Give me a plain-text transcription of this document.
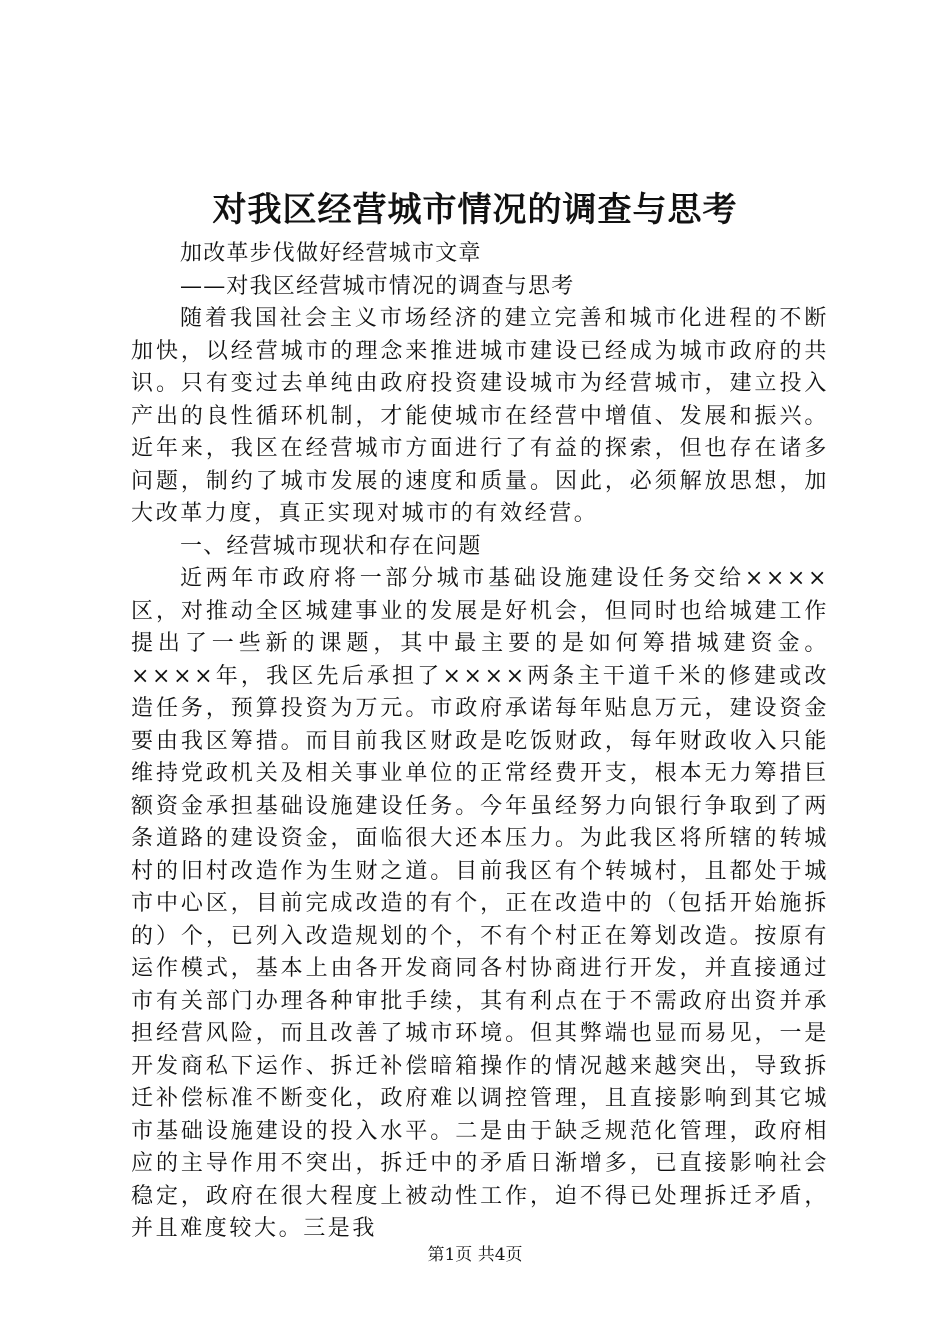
对我区经营城市情况的调查与思考

加改革步伐做好经营城市文章

——对我区经营城市情况的调查与思考

随着我国社会主义市场经济的建立完善和城市化进程的不断加快，以经营城市的理念来推进城市建设已经成为城市政府的共识。只有变过去单纯由政府投资建设城市为经营城市，建立投入产出的良性循环机制，才能使城市在经营中增值、发展和振兴。近年来，我区在经营城市方面进行了有益的探索，但也存在诸多问题，制约了城市发展的速度和质量。因此，必须解放思想，加大改革力度，真正实现对城市的有效经营。

一、经营城市现状和存在问题

近两年市政府将一部分城市基础设施建设任务交给××××区，对推动全区城建事业的发展是好机会，但同时也给城建工作提出了一些新的课题，其中最主要的是如何筹措城建资金。××××年，我区先后承担了××××两条主干道千米的修建或改造任务，预算投资为万元。市政府承诺每年贴息万元，建设资金要由我区筹措。而目前我区财政是吃饭财政，每年财政收入只能维持党政机关及相关事业单位的正常经费开支，根本无力筹措巨额资金承担基础设施建设任务。今年虽经努力向银行争取到了两条道路的建设资金，面临很大还本压力。为此我区将所辖的转城村的旧村改造作为生财之道。目前我区有个转城村，且都处于城市中心区，目前完成改造的有个，正在改造中的（包括开始施拆的）个，已列入改造规划的个，不有个村正在筹划改造。按原有运作模式，基本上由各开发商同各村协商进行开发，并直接通过市有关部门办理各种审批手续，其有利点在于不需政府出资并承担经营风险，而且改善了城市环境。但其弊端也显而易见，一是开发商私下运作、拆迁补偿暗箱操作的情况越来越突出，导致拆迁补偿标准不断变化，政府难以调控管理，且直接影响到其它城市基础设施建设的投入水平。二是由于缺乏规范化管理，政府相应的主导作用不突出，拆迁中的矛盾日渐增多，已直接影响社会稳定，政府在很大程度上被动性工作，迫不得已处理拆迁矛盾，并且难度较大。三是我

第1页 共4页
